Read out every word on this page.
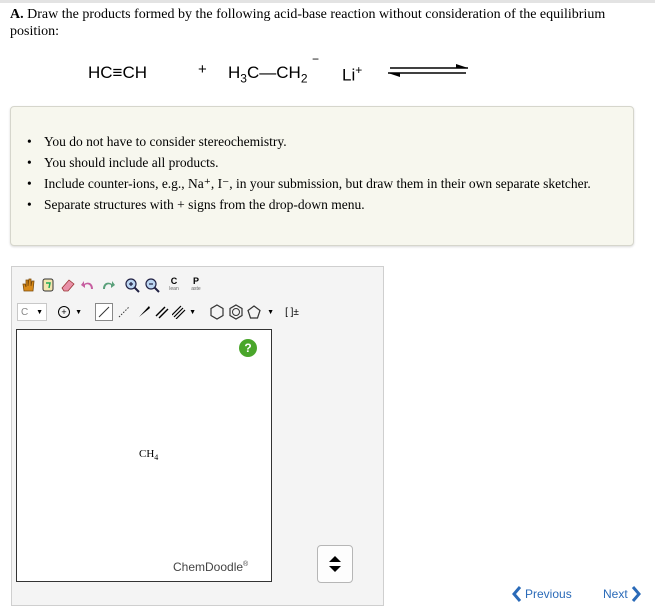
A. Draw the products formed by the following acid-base reaction without consideration of the equilibrium position:
HC≡CH	+ $H_3C—CH_2$
−
Li+
• You do not have to consider stereochemistry.
• You should include all products.
• Include counter-ions, e.g., Na⁺, I⁻, in your submission, but draw them in their own separate sketcher.
• Separate structures with + signs from the drop-down menu.
C
lean
P
aste
C ▼	+	▼	▼	▼ [ ]±
?
$CH_4$
ChemDoodle®
Previous	Next
